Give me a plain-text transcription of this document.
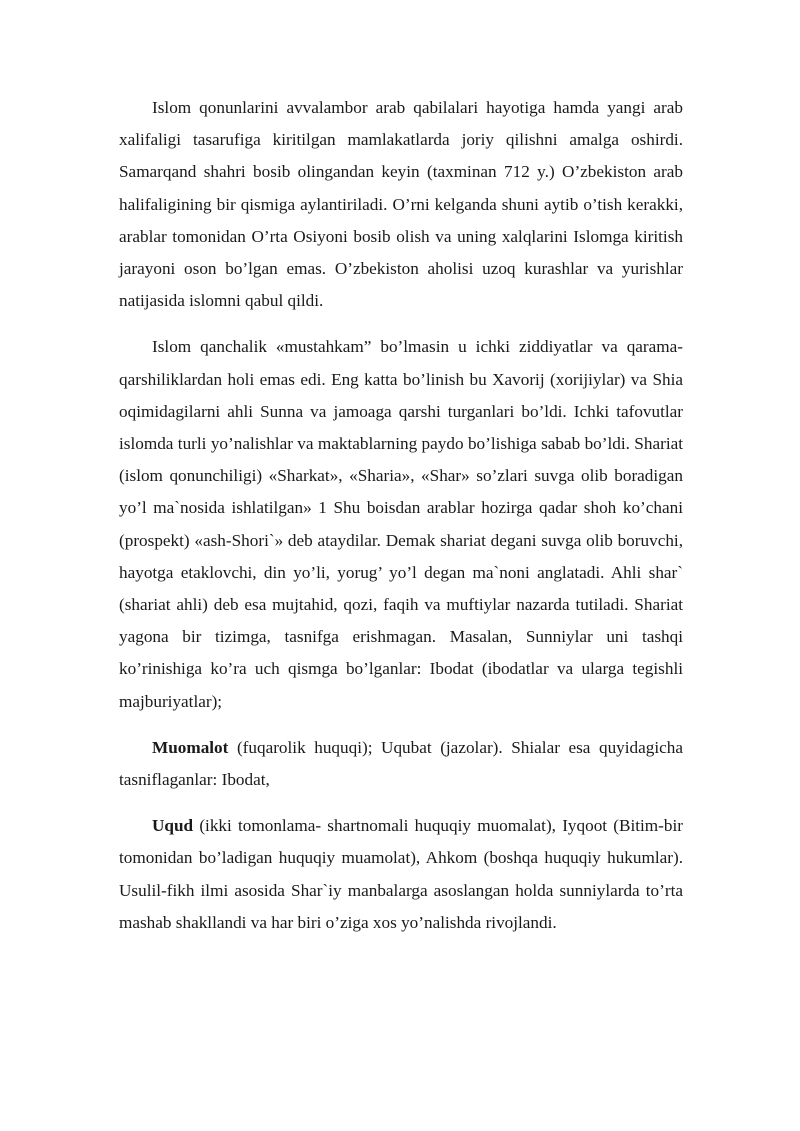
Islom qonunlarini avvalambor arab qabilalari hayotiga hamda yangi arab xalifaligi tasarufiga kiritilgan mamlakatlarda joriy qilishni amalga oshirdi. Samarqand shahri bosib olingandan keyin (taxminan 712 y.) O’zbekiston arab halifaligining bir qismiga aylantiriladi. O’rni kelganda shuni aytib o’tish kerakki, arablar tomonidan O’rta Osiyoni bosib olish va uning xalqlarini Islomga kiritish jarayoni oson bo’lgan emas. O’zbekiston aholisi uzoq kurashlar va yurishlar natijasida islomni qabul qildi.

Islom qanchalik «mustahkam” bo’lmasin u ichki ziddiyatlar va qarama-qarshiliklardan holi emas edi. Eng katta bo’linish bu Xavorij (xorijiylar) va Shia oqimidagilarni ahli Sunna va jamoaga qarshi turganlari bo’ldi. Ichki tafovutlar islomda turli yo’nalishlar va maktablarning paydo bo’lishiga sabab bo’ldi. Shariat (islom qonunchiligi) «Sharkat», «Sharia», «Shar» so’zlari suvga olib boradigan yo’l ma`nosida ishlatilgan» 1 Shu boisdan arablar hozirga qadar shoh ko’chani (prospekt) «ash-Shori`» deb ataydilar. Demak shariat degani suvga olib boruvchi, hayotga etaklovchi, din yo’li, yorug’ yo’l degan ma`noni anglatadi. Ahli shar` (shariat ahli) deb esa mujtahid, qozi, faqih va muftiylar nazarda tutiladi. Shariat yagona bir tizimga, tasnifga erishmagan. Masalan, Sunniylar uni tashqi ko’rinishiga ko’ra uch qismga bo’lganlar: Ibodat (ibodatlar va ularga tegishli majburiyatlar);

Muomalot (fuqarolik huquqi); Uqubat (jazolar). Shialar esa quyidagicha tasniflaganlar: Ibodat,

Uqud (ikki tomonlama- shartnomali huquqiy muomalat), Iyqoot (Bitim-bir tomonidan bo’ladigan huquqiy muamolat), Ahkom (boshqa huquqiy hukumlar). Usulil-fikh ilmi asosida Shar`iy manbalarga asoslangan holda sunniylarda to’rta mashab shakllandi va har biri o’ziga xos yo’nalishda rivojlandi.
